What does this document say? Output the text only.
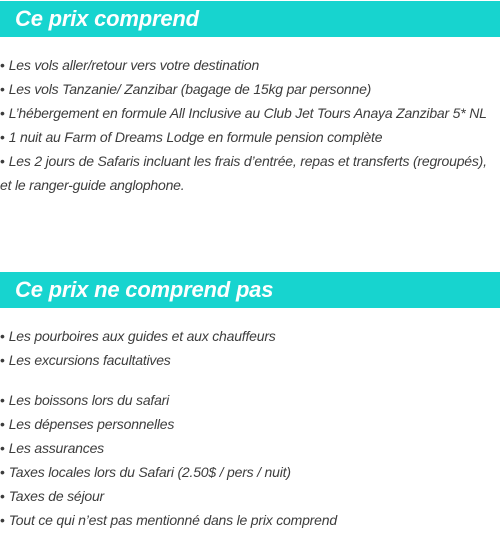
Ce prix comprend
• Les vols aller/retour vers votre destination
• Les vols Tanzanie/ Zanzibar (bagage de 15kg par personne)
• L’hébergement en formule All Inclusive au Club Jet Tours Anaya Zanzibar 5* NL
• 1 nuit au Farm of Dreams Lodge en formule pension complète
• Les 2 jours de Safaris incluant les frais d’entrée, repas et transferts (regroupés), et le ranger-guide anglophone.
Ce prix ne comprend pas
• Les pourboires aux guides et aux chauffeurs
• Les excursions facultatives
• Les boissons lors du safari
• Les dépenses personnelles
• Les assurances
• Taxes locales lors du Safari (2.50$ / pers / nuit)
• Taxes de séjour
• Tout ce qui n’est pas mentionné dans le prix comprend
